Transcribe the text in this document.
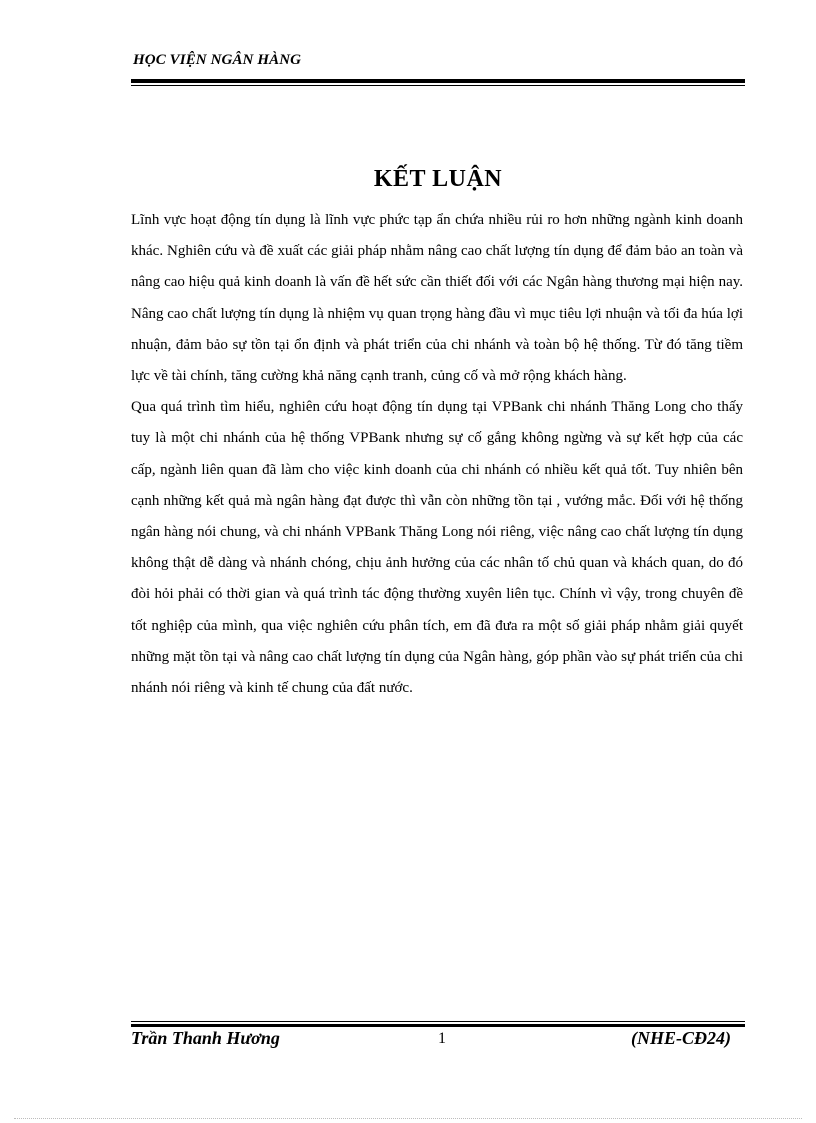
HỌC VIỆN NGÂN HÀNG
KẾT LUẬN

Lĩnh vực hoạt động tín dụng là lĩnh vực phức tạp ẩn chứa nhiều rủi ro hơn những ngành kinh doanh khác. Nghiên cứu và đề xuất các giải pháp nhằm nâng cao chất lượng tín dụng để đảm bảo an toàn và nâng cao hiệu quả kinh doanh là vấn đề hết sức cần thiết đối với các Ngân hàng thương mại hiện nay. Nâng cao chất lượng tín dụng là nhiệm vụ quan trọng hàng đầu vì mục tiêu lợi nhuận và tối đa húa lợi nhuận, đảm bảo sự tồn tại ổn định và phát triển của chi nhánh và toàn bộ hệ thống. Từ đó tăng tiềm lực về tài chính, tăng cường khả năng cạnh tranh, củng cố và mở rộng khách hàng.

Qua quá trình tìm hiểu, nghiên cứu hoạt động tín dụng tại VPBank chi nhánh Thăng Long cho thấy tuy là một chi nhánh của hệ thống VPBank nhưng sự cố gắng không ngừng và sự kết hợp của các cấp, ngành liên quan đã làm cho việc kinh doanh của chi nhánh có nhiều kết quả tốt. Tuy nhiên bên cạnh những kết quả mà ngân hàng đạt được thì vẫn còn những tồn tại , vướng mắc. Đối với hệ thống ngân hàng nói chung, và chi nhánh VPBank Thăng Long nói riêng, việc nâng cao chất lượng tín dụng không thật dễ dàng và nhánh chóng, chịu ảnh hưởng của các nhân tố chủ quan và khách quan, do đó đòi hỏi phải có thời gian và quá trình tác động thường xuyên liên tục. Chính vì vậy, trong chuyên đề tốt nghiệp của mình, qua việc nghiên cứu phân tích, em đã đưa ra một số giải pháp nhằm giải quyết những mặt tồn tại và nâng cao chất lượng tín dụng của Ngân hàng, góp phần vào sự phát triển của chi nhánh nói riêng và kinh tế chung của đất nước.

Trần Thanh Hương	1	(NHE-CĐ24)
